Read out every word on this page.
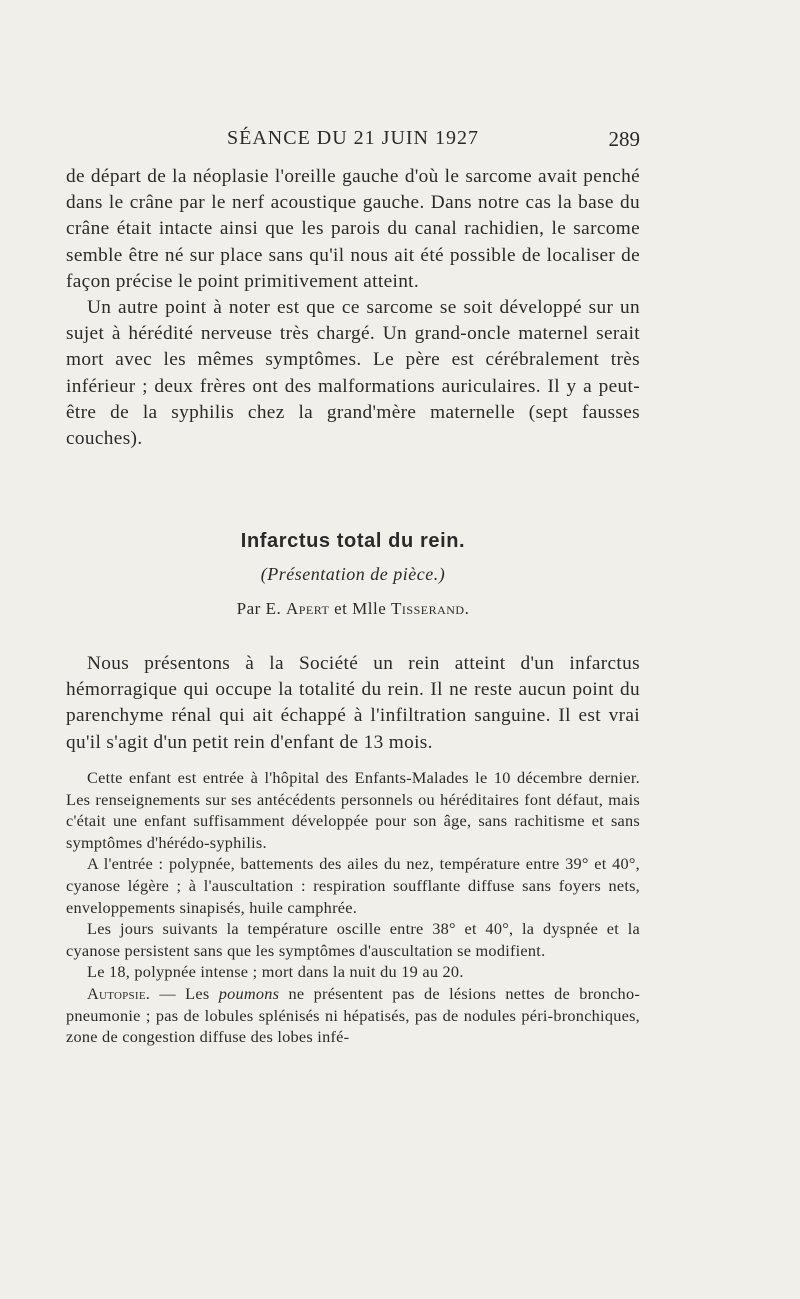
SÉANCE DU 21 JUIN 1927	289

de départ de la néoplasie l'oreille gauche d'où le sarcome avait penché dans le crâne par le nerf acoustique gauche. Dans notre cas la base du crâne était intacte ainsi que les parois du canal rachidien, le sarcome semble être né sur place sans qu'il nous ait été possible de localiser de façon précise le point primitivement atteint.

Un autre point à noter est que ce sarcome se soit développé sur un sujet à hérédité nerveuse très chargé. Un grand-oncle maternel serait mort avec les mêmes symptômes. Le père est cérébralement très inférieur ; deux frères ont des malformations auriculaires. Il y a peut-être de la syphilis chez la grand'mère maternelle (sept fausses couches).

Infarctus total du rein.
(Présentation de pièce.)
Par E. Apert et Mlle Tisserand.

Nous présentons à la Société un rein atteint d'un infarctus hémorragique qui occupe la totalité du rein. Il ne reste aucun point du parenchyme rénal qui ait échappé à l'infiltration sanguine. Il est vrai qu'il s'agit d'un petit rein d'enfant de 13 mois.

Cette enfant est entrée à l'hôpital des Enfants-Malades le 10 décembre dernier. Les renseignements sur ses antécédents personnels ou héréditaires font défaut, mais c'était une enfant suffisamment développée pour son âge, sans rachitisme et sans symptômes d'hérédo-syphilis.

A l'entrée : polypnée, battements des ailes du nez, température entre 39° et 40°, cyanose légère ; à l'auscultation : respiration soufflante diffuse sans foyers nets, enveloppements sinapisés, huile camphrée.

Les jours suivants la température oscille entre 38° et 40°, la dyspnée et la cyanose persistent sans que les symptômes d'auscultation se modifient.

Le 18, polypnée intense ; mort dans la nuit du 19 au 20.

Autopsie. — Les poumons ne présentent pas de lésions nettes de broncho-pneumonie ; pas de lobules splénisés ni hépatisés, pas de nodules péri-bronchiques, zone de congestion diffuse des lobes infé-
